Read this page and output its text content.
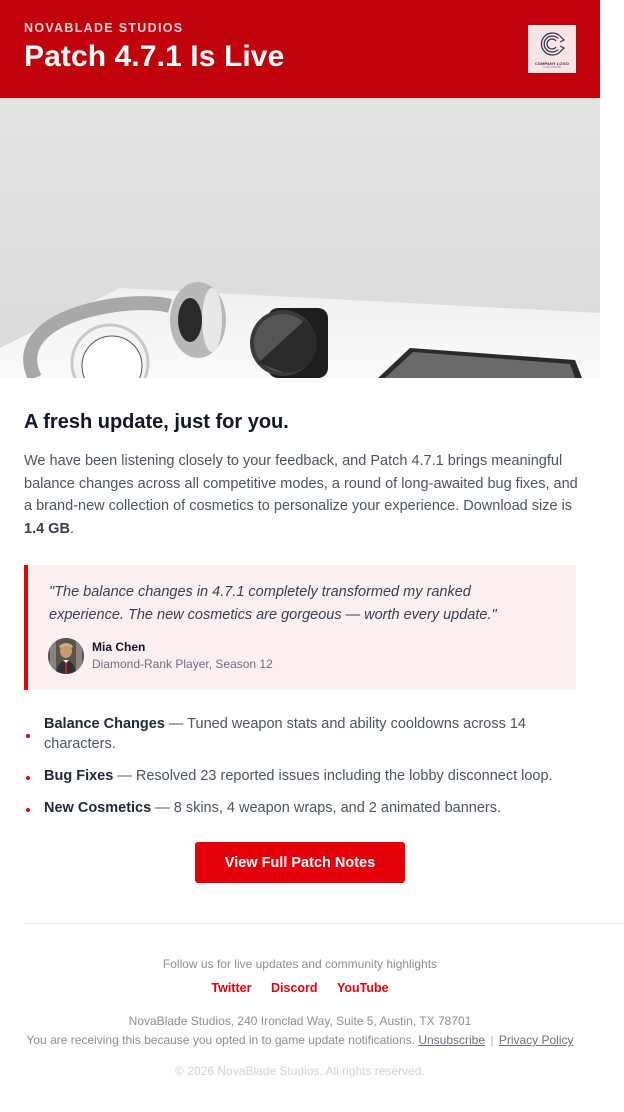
NOVABLADE STUDIOS
Patch 4.7.1 Is Live	COMPANY LOGO
YOUR TAGLINE
A fresh update, just for you.

We have been listening closely to your feedback, and Patch 4.7.1 brings meaningful balance changes across all competitive modes, a round of long-awaited bug fixes, and a brand-new collection of cosmetics to personalize your experience. Download size is 1.4 GB.

"The balance changes in 4.7.1 completely transformed my ranked experience. The new cosmetics are gorgeous — worth every update."
Mia Chen
Diamond-Rank Player, Season 12
Balance Changes — Tuned weapon stats and ability cooldowns across 14 characters.
Bug Fixes — Resolved 23 reported issues including the lobby disconnect loop.
New Cosmetics — 8 skins, 4 weapon wraps, and 2 animated banners.
View Full Patch Notes
Follow us for live updates and community highlights
Twitter Discord YouTube
NovaBlade Studios, 240 Ironclad Way, Suite 5, Austin, TX 78701
You are receiving this because you opted in to game update notifications. Unsubscribe | Privacy Policy
© 2026 NovaBlade Studios. All rights reserved.
